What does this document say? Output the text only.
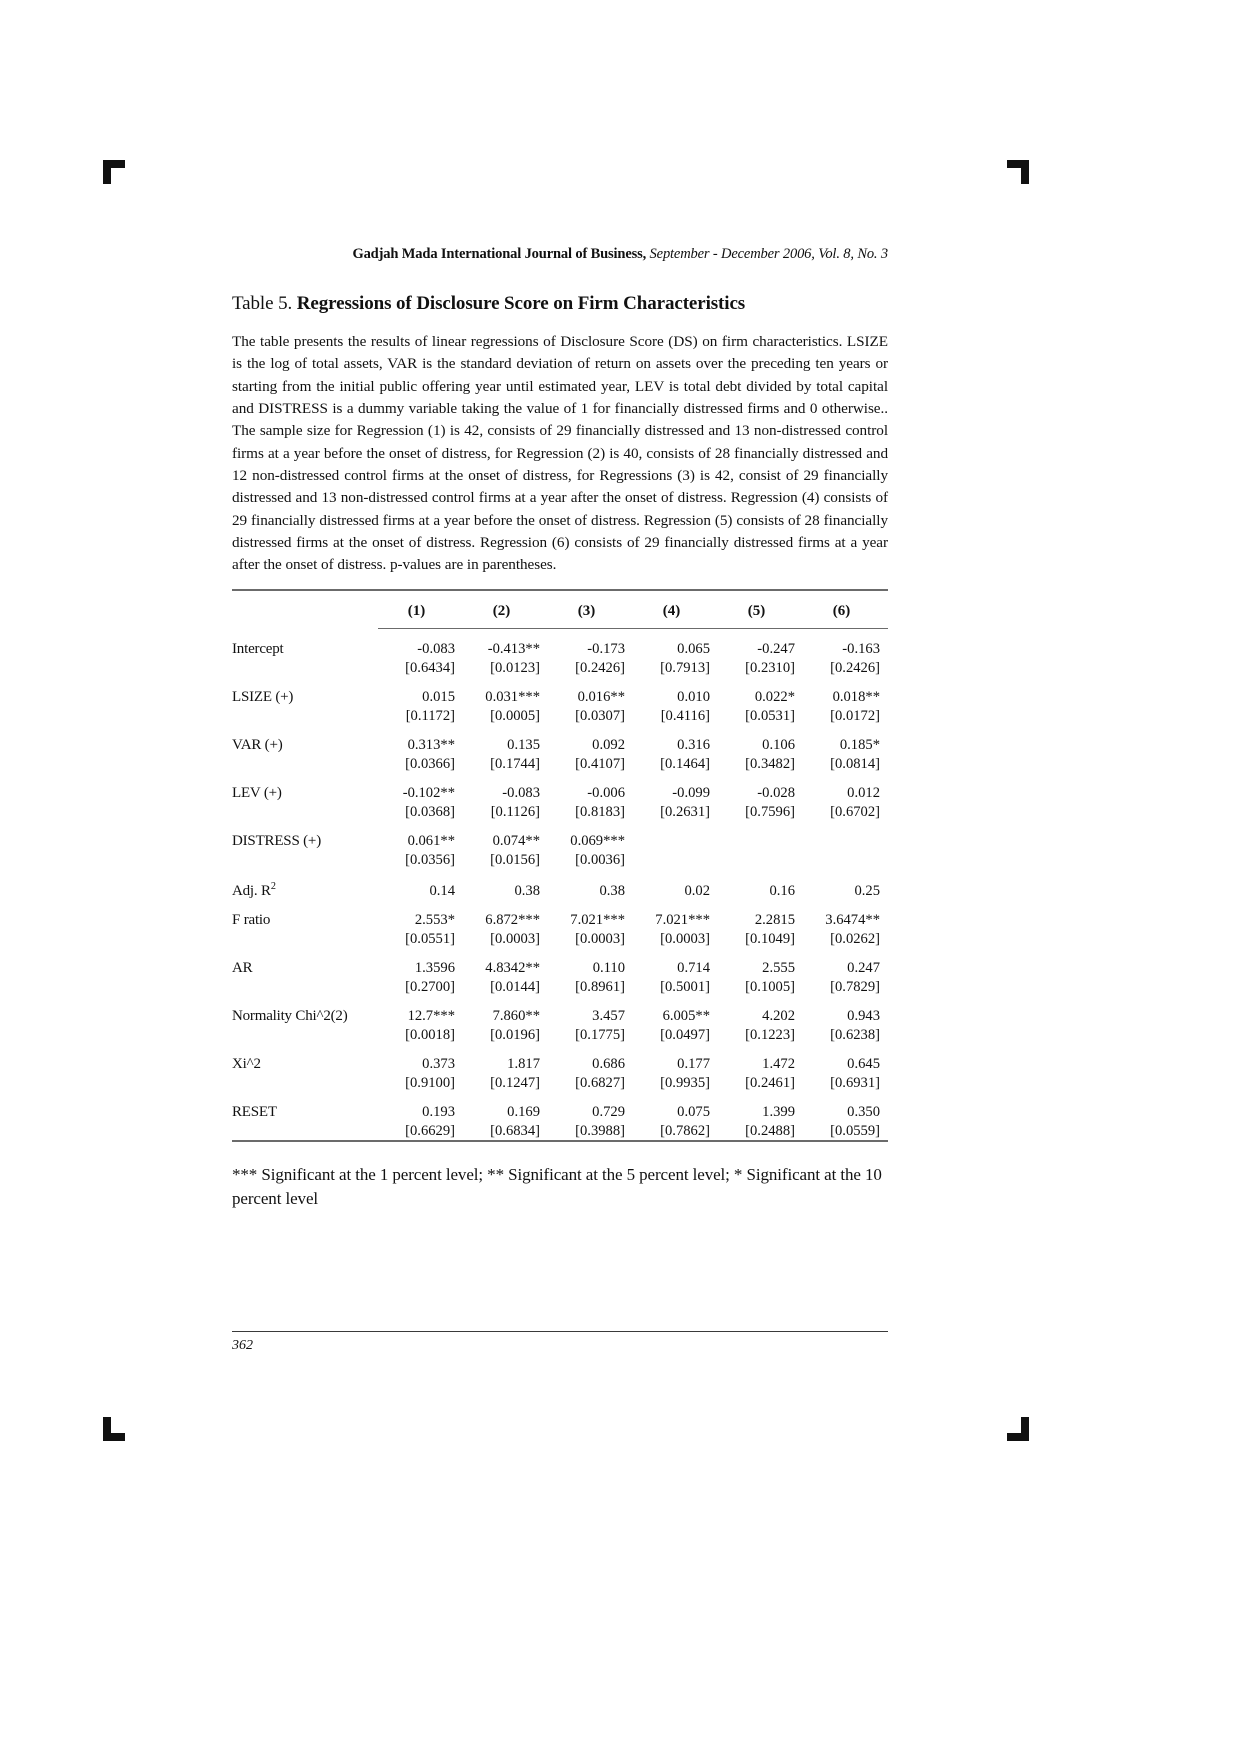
Gadjah Mada International Journal of Business, September - December 2006, Vol. 8, No. 3
Table 5. Regressions of Disclosure Score on Firm Characteristics
The table presents the results of linear regressions of Disclosure Score (DS) on firm characteristics. LSIZE is the log of total assets, VAR is the standard deviation of return on assets over the preceding ten years or starting from the initial public offering year until estimated year, LEV is total debt divided by total capital and DISTRESS is a dummy variable taking the value of 1 for financially distressed firms and 0 otherwise.. The sample size for Regression (1) is 42, consists of 29 financially distressed and 13 non-distressed control firms at a year before the onset of distress, for Regression (2) is 40, consists of 28 financially distressed and 12 non-distressed control firms at the onset of distress, for Regressions (3) is 42, consist of 29 financially distressed and 13 non-distressed control firms at a year after the onset of distress. Regression (4) consists of 29 financially distressed firms at a year before the onset of distress. Regression (5) consists of 28 financially distressed firms at the onset of distress. Regression (6) consists of 29 financially distressed firms at a year after the onset of distress. p-values are in parentheses.

	(1)	(2)	(3)	(4)	(5)	(6)

Intercept	-0.083	-0.413**	-0.173	0.065	-0.247	-0.163
	[0.6434]	[0.0123]	[0.2426]	[0.7913]	[0.2310]	[0.2426]
LSIZE (+)	0.015	0.031***	0.016**	0.010	0.022*	0.018**
	[0.1172]	[0.0005]	[0.0307]	[0.4116]	[0.0531]	[0.0172]
VAR (+)	0.313**	0.135	0.092	0.316	0.106	0.185*
	[0.0366]	[0.1744]	[0.4107]	[0.1464]	[0.3482]	[0.0814]
LEV (+)	-0.102**	-0.083	-0.006	-0.099	-0.028	0.012
	[0.0368]	[0.1126]	[0.8183]	[0.2631]	[0.7596]	[0.6702]
DISTRESS (+)	0.061**	0.074**	0.069***			
	[0.0356]	[0.0156]	[0.0036]			
Adj. $R^2$	0.14	0.38	0.38	0.02	0.16	0.25
F ratio	2.553*	6.872***	7.021***	7.021***	2.2815	3.6474**
	[0.0551]	[0.0003]	[0.0003]	[0.0003]	[0.1049]	[0.0262]
AR	1.3596	4.8342**	0.110	0.714	2.555	0.247
	[0.2700]	[0.0144]	[0.8961]	[0.5001]	[0.1005]	[0.7829]
Normality Chi^2(2)	12.7***	7.860**	3.457	6.005**	4.202	0.943
	[0.0018]	[0.0196]	[0.1775]	[0.0497]	[0.1223]	[0.6238]
Xi^2	0.373	1.817	0.686	0.177	1.472	0.645
	[0.9100]	[0.1247]	[0.6827]	[0.9935]	[0.2461]	[0.6931]
RESET	0.193	0.169	0.729	0.075	1.399	0.350
	[0.6629]	[0.6834]	[0.3988]	[0.7862]	[0.2488]	[0.0559]

*** Significant at the 1 percent level; ** Significant at the 5 percent level; * Significant at the 10 percent level
362
